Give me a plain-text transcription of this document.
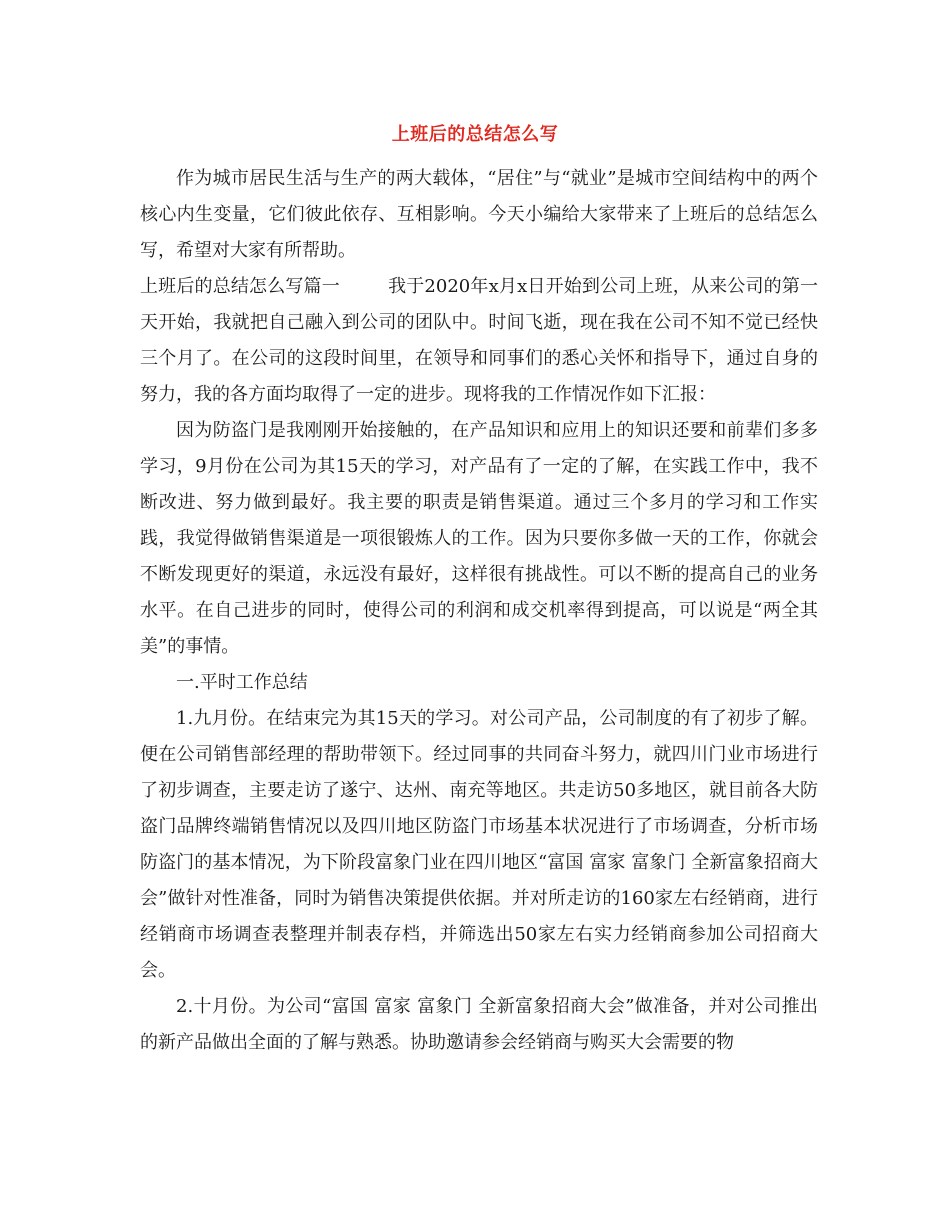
上班后的总结怎么写

作为城市居民生活与生产的两大载体，“居住”与“就业”是城市空间结构中的两个核心内生变量，它们彼此依存、互相影响。今天小编给大家带来了上班后的总结怎么写，希望对大家有所帮助。

上班后的总结怎么写篇一	我于2020年x月x日开始到公司上班，从来公司的第一天开始，我就把自己融入到公司的团队中。时间飞逝，现在我在公司不知不觉已经快三个月了。在公司的这段时间里，在领导和同事们的悉心关怀和指导下，通过自身的努力，我的各方面均取得了一定的进步。现将我的工作情况作如下汇报：

因为防盗门是我刚刚开始接触的，在产品知识和应用上的知识还要和前辈们多多学习，9月份在公司为其15天的学习，对产品有了一定的了解，在实践工作中，我不断改进、努力做到最好。我主要的职责是销售渠道。通过三个多月的学习和工作实践，我觉得做销售渠道是一项很锻炼人的工作。因为只要你多做一天的工作，你就会不断发现更好的渠道，永远没有最好，这样很有挑战性。可以不断的提高自己的业务水平。在自己进步的同时，使得公司的利润和成交机率得到提高，可以说是“两全其美”的事情。

一.平时工作总结

1.九月份。在结束完为其15天的学习。对公司产品，公司制度的有了初步了解。便在公司销售部经理的帮助带领下。经过同事的共同奋斗努力，就四川门业市场进行了初步调查，主要走访了遂宁、达州、南充等地区。共走访50多地区，就目前各大防盗门品牌终端销售情况以及四川地区防盗门市场基本状况进行了市场调查，分析市场防盗门的基本情况，为下阶段富象门业在四川地区“富国 富家 富象门 全新富象招商大会”做针对性准备，同时为销售决策提供依据。并对所走访的160家左右经销商，进行经销商市场调查表整理并制表存档，并筛选出50家左右实力经销商参加公司招商大会。

2.十月份。为公司“富国 富家 富象门 全新富象招商大会”做准备，并对公司推出的新产品做出全面的了解与熟悉。协助邀请参会经销商与购买大会需要的物
